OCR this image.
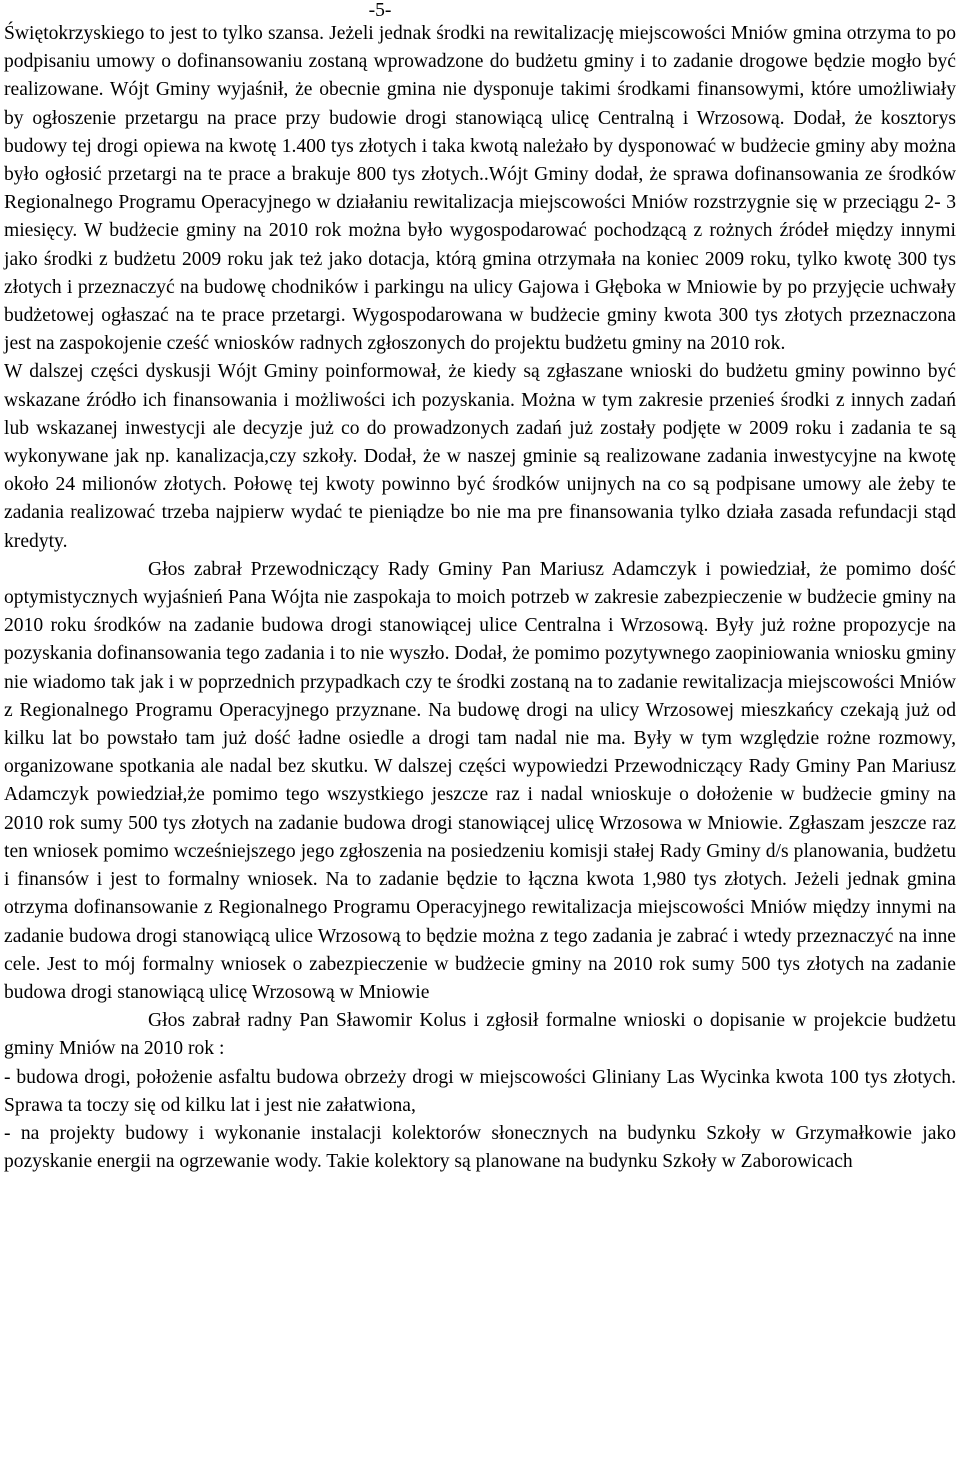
-5-

Świętokrzyskiego to jest to tylko szansa. Jeżeli jednak środki na rewitalizację miejscowości Mniów gmina otrzyma to po podpisaniu umowy o dofinansowaniu zostaną wprowadzone do budżetu gminy i to zadanie drogowe będzie mogło być realizowane. Wójt Gminy wyjaśnił, że obecnie gmina nie dysponuje takimi środkami finansowymi, które umożliwiały by ogłoszenie przetargu na prace przy budowie drogi stanowiącą ulicę Centralną i Wrzosową. Dodał, że kosztorys budowy tej drogi opiewa na kwotę 1.400 tys złotych i taka kwotą należało by dysponować w budżecie gminy aby można było ogłosić przetargi na te prace a brakuje 800 tys złotych..Wójt Gminy dodał, że sprawa dofinansowania ze środków Regionalnego Programu Operacyjnego w działaniu rewitalizacja miejscowości Mniów rozstrzygnie się w przeciągu 2- 3 miesięcy. W budżecie gminy na 2010 rok można było wygospodarować pochodzącą z rożnych źródeł między innymi jako środki z budżetu 2009 roku jak też jako dotacja, którą gmina otrzymała na koniec 2009 roku, tylko kwotę 300 tys złotych i przeznaczyć na budowę chodników i parkingu na ulicy Gajowa i Głęboka w Mniowie by po przyjęcie uchwały budżetowej ogłaszać na te prace przetargi. Wygospodarowana w budżecie gminy kwota 300 tys złotych przeznaczona jest na zaspokojenie cześć wniosków radnych zgłoszonych do projektu budżetu gminy na 2010 rok.

W dalszej części dyskusji Wójt Gminy poinformował, że kiedy są zgłaszane wnioski do budżetu gminy powinno być wskazane źródło ich finansowania i możliwości ich pozyskania. Można w tym zakresie przenieś środki z innych zadań lub wskazanej inwestycji ale decyzje już co do prowadzonych zadań już zostały podjęte w 2009 roku i zadania te są wykonywane jak np. kanalizacja,czy szkoły. Dodał, że w naszej gminie są realizowane zadania inwestycyjne na kwotę około 24 milionów złotych. Połowę tej kwoty powinno być środków unijnych na co są podpisane umowy ale żeby te zadania realizować trzeba najpierw wydać te pieniądze bo nie ma pre finansowania tylko działa zasada refundacji stąd kredyty.

Głos zabrał Przewodniczący Rady Gminy Pan Mariusz Adamczyk i powiedział, że pomimo dość optymistycznych wyjaśnień Pana Wójta nie zaspokaja to moich potrzeb w zakresie zabezpieczenie w budżecie gminy na 2010 roku środków na zadanie budowa drogi stanowiącej ulice Centralna i Wrzosową. Były już rożne propozycje na pozyskania dofinansowania tego zadania i to nie wyszło. Dodał, że pomimo pozytywnego zaopiniowania wniosku gminy nie wiadomo tak jak i w poprzednich przypadkach czy te środki zostaną na to zadanie rewitalizacja miejscowości Mniów z Regionalnego Programu Operacyjnego przyznane. Na budowę drogi na ulicy Wrzosowej mieszkańcy czekają już od kilku lat bo powstało tam już dość ładne osiedle a drogi tam nadal nie ma. Były w tym względzie rożne rozmowy, organizowane spotkania ale nadal bez skutku. W dalszej części wypowiedzi Przewodniczący Rady Gminy Pan Mariusz Adamczyk powiedział,że pomimo tego wszystkiego jeszcze raz i nadal wnioskuje o dołożenie w budżecie gminy na 2010 rok sumy 500 tys złotych na zadanie budowa drogi stanowiącej ulicę Wrzosowa w Mniowie. Zgłaszam jeszcze raz ten wniosek pomimo wcześniejszego jego zgłoszenia na posiedzeniu komisji stałej Rady Gminy d/s planowania, budżetu i finansów i jest to formalny wniosek. Na to zadanie będzie to łączna kwota 1,980 tys złotych. Jeżeli jednak gmina otrzyma dofinansowanie z Regionalnego Programu Operacyjnego rewitalizacja miejscowości Mniów między innymi na zadanie budowa drogi stanowiącą ulice Wrzosową to będzie można z tego zadania je zabrać i wtedy przeznaczyć na inne cele. Jest to mój formalny wniosek o zabezpieczenie w budżecie gminy na 2010 rok sumy 500 tys złotych na zadanie budowa drogi stanowiącą ulicę Wrzosową w Mniowie

Głos zabrał radny Pan Sławomir Kolus i zgłosił formalne wnioski o dopisanie w projekcie budżetu gminy Mniów na 2010 rok :

- budowa drogi, położenie asfaltu budowa obrzeży drogi w miejscowości Gliniany Las Wycinka kwota 100 tys złotych. Sprawa ta toczy się od kilku lat i jest nie załatwiona,

- na projekty budowy i wykonanie instalacji kolektorów słonecznych na budynku Szkoły w Grzymałkowie jako pozyskanie energii na ogrzewanie wody. Takie kolektory są planowane na budynku Szkoły w Zaborowicach
